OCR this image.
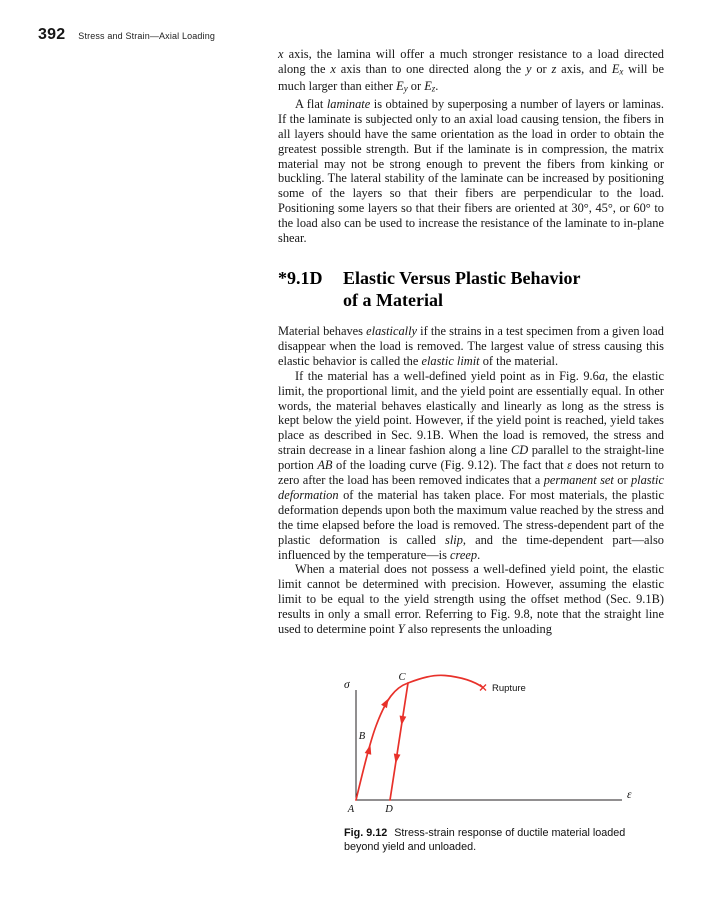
392 Stress and Strain—Axial Loading

x axis, the lamina will offer a much stronger resistance to a load directed along the x axis than to one directed along the y or z axis, and Ex will be much larger than either Ey or Ez.

A flat laminate is obtained by superposing a number of layers or laminas. If the laminate is subjected only to an axial load causing tension, the fibers in all layers should have the same orientation as the load in order to obtain the greatest possible strength. But if the laminate is in compression, the matrix material may not be strong enough to prevent the fibers from kinking or buckling. The lateral stability of the laminate can be increased by positioning some of the layers so that their fibers are perpendicular to the load. Positioning some layers so that their fibers are oriented at 30°, 45°, or 60° to the load also can be used to increase the resistance of the laminate to in-plane shear.

*9.1D	Elastic Versus Plastic Behavior
of a Material

Material behaves elastically if the strains in a test specimen from a given load disappear when the load is removed. The largest value of stress causing this elastic behavior is called the elastic limit of the material.

If the material has a well-defined yield point as in Fig. 9.6a, the elastic limit, the proportional limit, and the yield point are essentially equal. In other words, the material behaves elastically and linearly as long as the stress is kept below the yield point. However, if the yield point is reached, yield takes place as described in Sec. 9.1B. When the load is removed, the stress and strain decrease in a linear fashion along a line CD parallel to the straight-line portion AB of the loading curve (Fig. 9.12). The fact that ε does not return to zero after the load has been removed indicates that a permanent set or plastic deformation of the material has taken place. For most materials, the plastic deformation depends upon both the maximum value reached by the stress and the time elapsed before the load is removed. The stress-dependent part of the plastic deformation is called slip, and the time-dependent part—also influenced by the temperature—is creep.

When a material does not possess a well-defined yield point, the elastic limit cannot be determined with precision. However, assuming the elastic limit to be equal to the yield strength using the offset method (Sec. 9.1B) results in only a small error. Referring to Fig. 9.8, note that the straight line used to determine point Y also represents the unloading

σ
ε
A
B
C
D
Rupture
Fig. 9.12 Stress-strain response of ductile material loaded beyond yield and unloaded.
